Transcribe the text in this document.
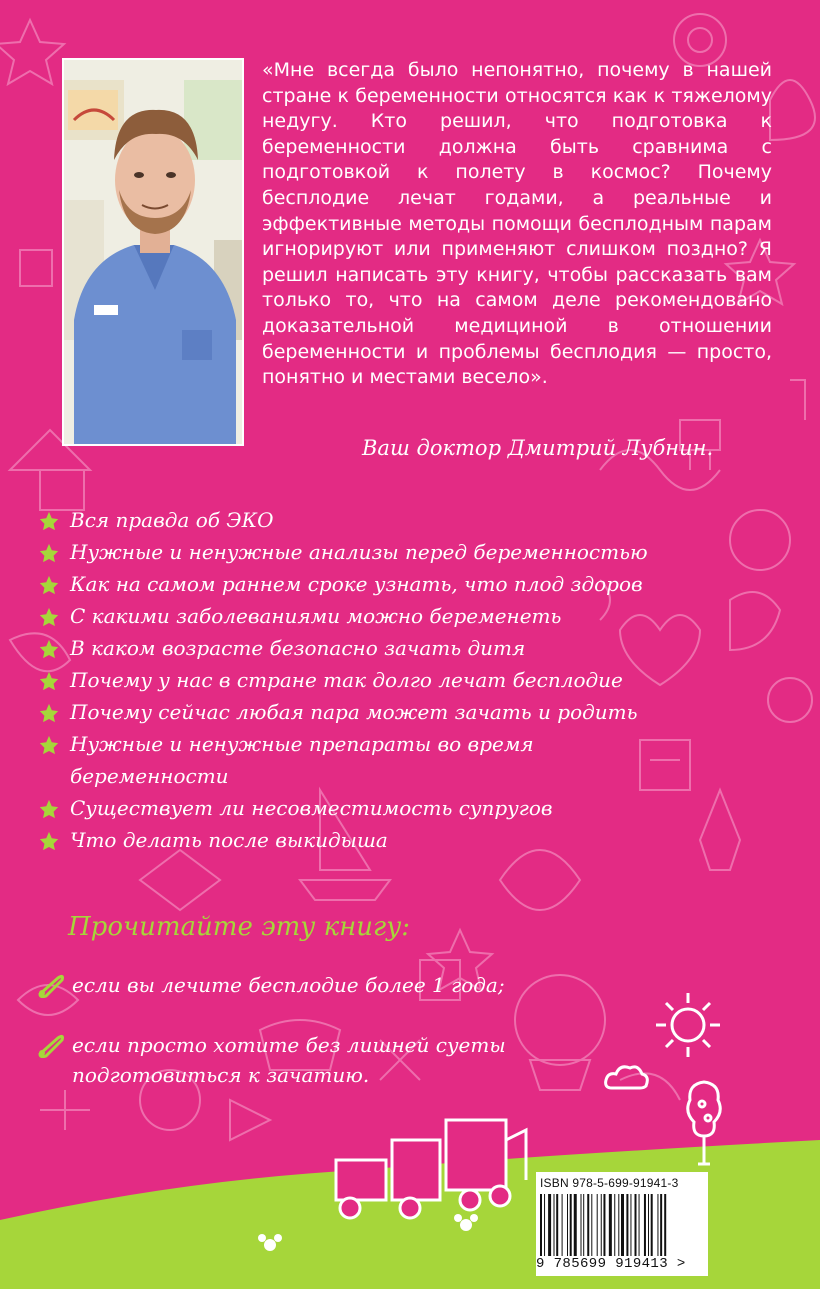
«Мне всегда было непонятно, почему в нашей стране к беременности относятся как к тяжелому недугу. Кто решил, что подготовка к беременности должна быть сравнима с подготовкой к полету в космос? Почему бесплодие лечат годами, а реальные и эффективные методы помощи бесплодным парам игнорируют или применяют слишком поздно? Я решил написать эту книгу, чтобы рассказать вам только то, что на самом деле рекомендовано доказательной медициной в отношении беременности и проблемы бесплодия — просто, понятно и местами весело».

Ваш доктор Дмитрий Лубнин.
Вся правда об ЭКО
Нужные и ненужные анализы перед беременностью
Как на самом раннем сроке узнать, что плод здоров
С какими заболеваниями можно беременеть
В каком возрасте безопасно зачать дитя
Почему у нас в стране так долго лечат бесплодие
Почему сейчас любая пара может зачать и родить
Нужные и ненужные препараты во время беременности
Существует ли несовместимость супругов
Что делать после выкидыша
Прочитайте эту книгу:
если вы лечите бесплодие более 1 года;
если просто хотите без лишней суеты подготовиться к зачатию.
ISBN 978-5-699-91941-3
9 785699 919413 >
